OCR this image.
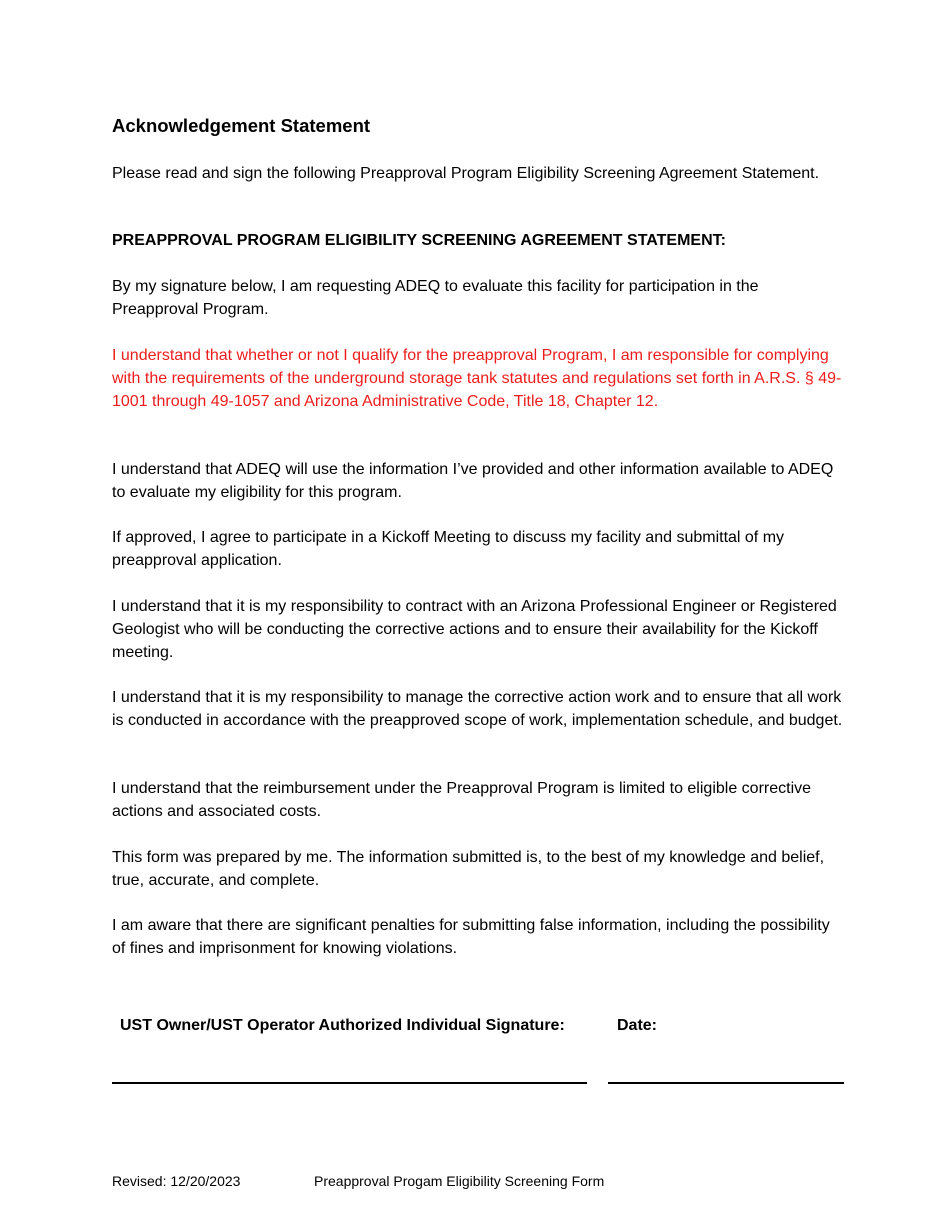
Acknowledgement Statement
Please read and sign the following Preapproval Program Eligibility Screening Agreement Statement.
PREAPPROVAL PROGRAM ELIGIBILITY SCREENING AGREEMENT STATEMENT:
By my signature below, I am requesting ADEQ to evaluate this facility for participation in the Preapproval Program.
I understand that whether or not I qualify for the preapproval Program, I am responsible for complying with the requirements of the underground storage tank statutes and regulations set forth in A.R.S. § 49-1001 through 49-1057 and Arizona Administrative Code, Title 18, Chapter 12.
I understand that ADEQ will use the information I’ve provided and other information available to ADEQ to evaluate my eligibility for this program.
If approved, I agree to participate in a Kickoff Meeting to discuss my facility and submittal of my preapproval application.
I understand that it is my responsibility to contract with an Arizona Professional Engineer or Registered Geologist who will be conducting the corrective actions and to ensure their availability for the Kickoff meeting.
I understand that it is my responsibility to manage the corrective action work and to ensure that all work is conducted in accordance with the preapproved scope of work, implementation schedule, and budget.
I understand that the reimbursement under the Preapproval Program is limited to eligible corrective actions and associated costs.
This form was prepared by me. The information submitted is, to the best of my knowledge and belief, true, accurate, and complete.
I am aware that there are significant penalties for submitting false information, including the possibility of fines and imprisonment for knowing violations.
UST Owner/UST Operator Authorized Individual Signature:	Date:
Revised: 12/20/2023	Preapproval Progam Eligibility Screening Form
